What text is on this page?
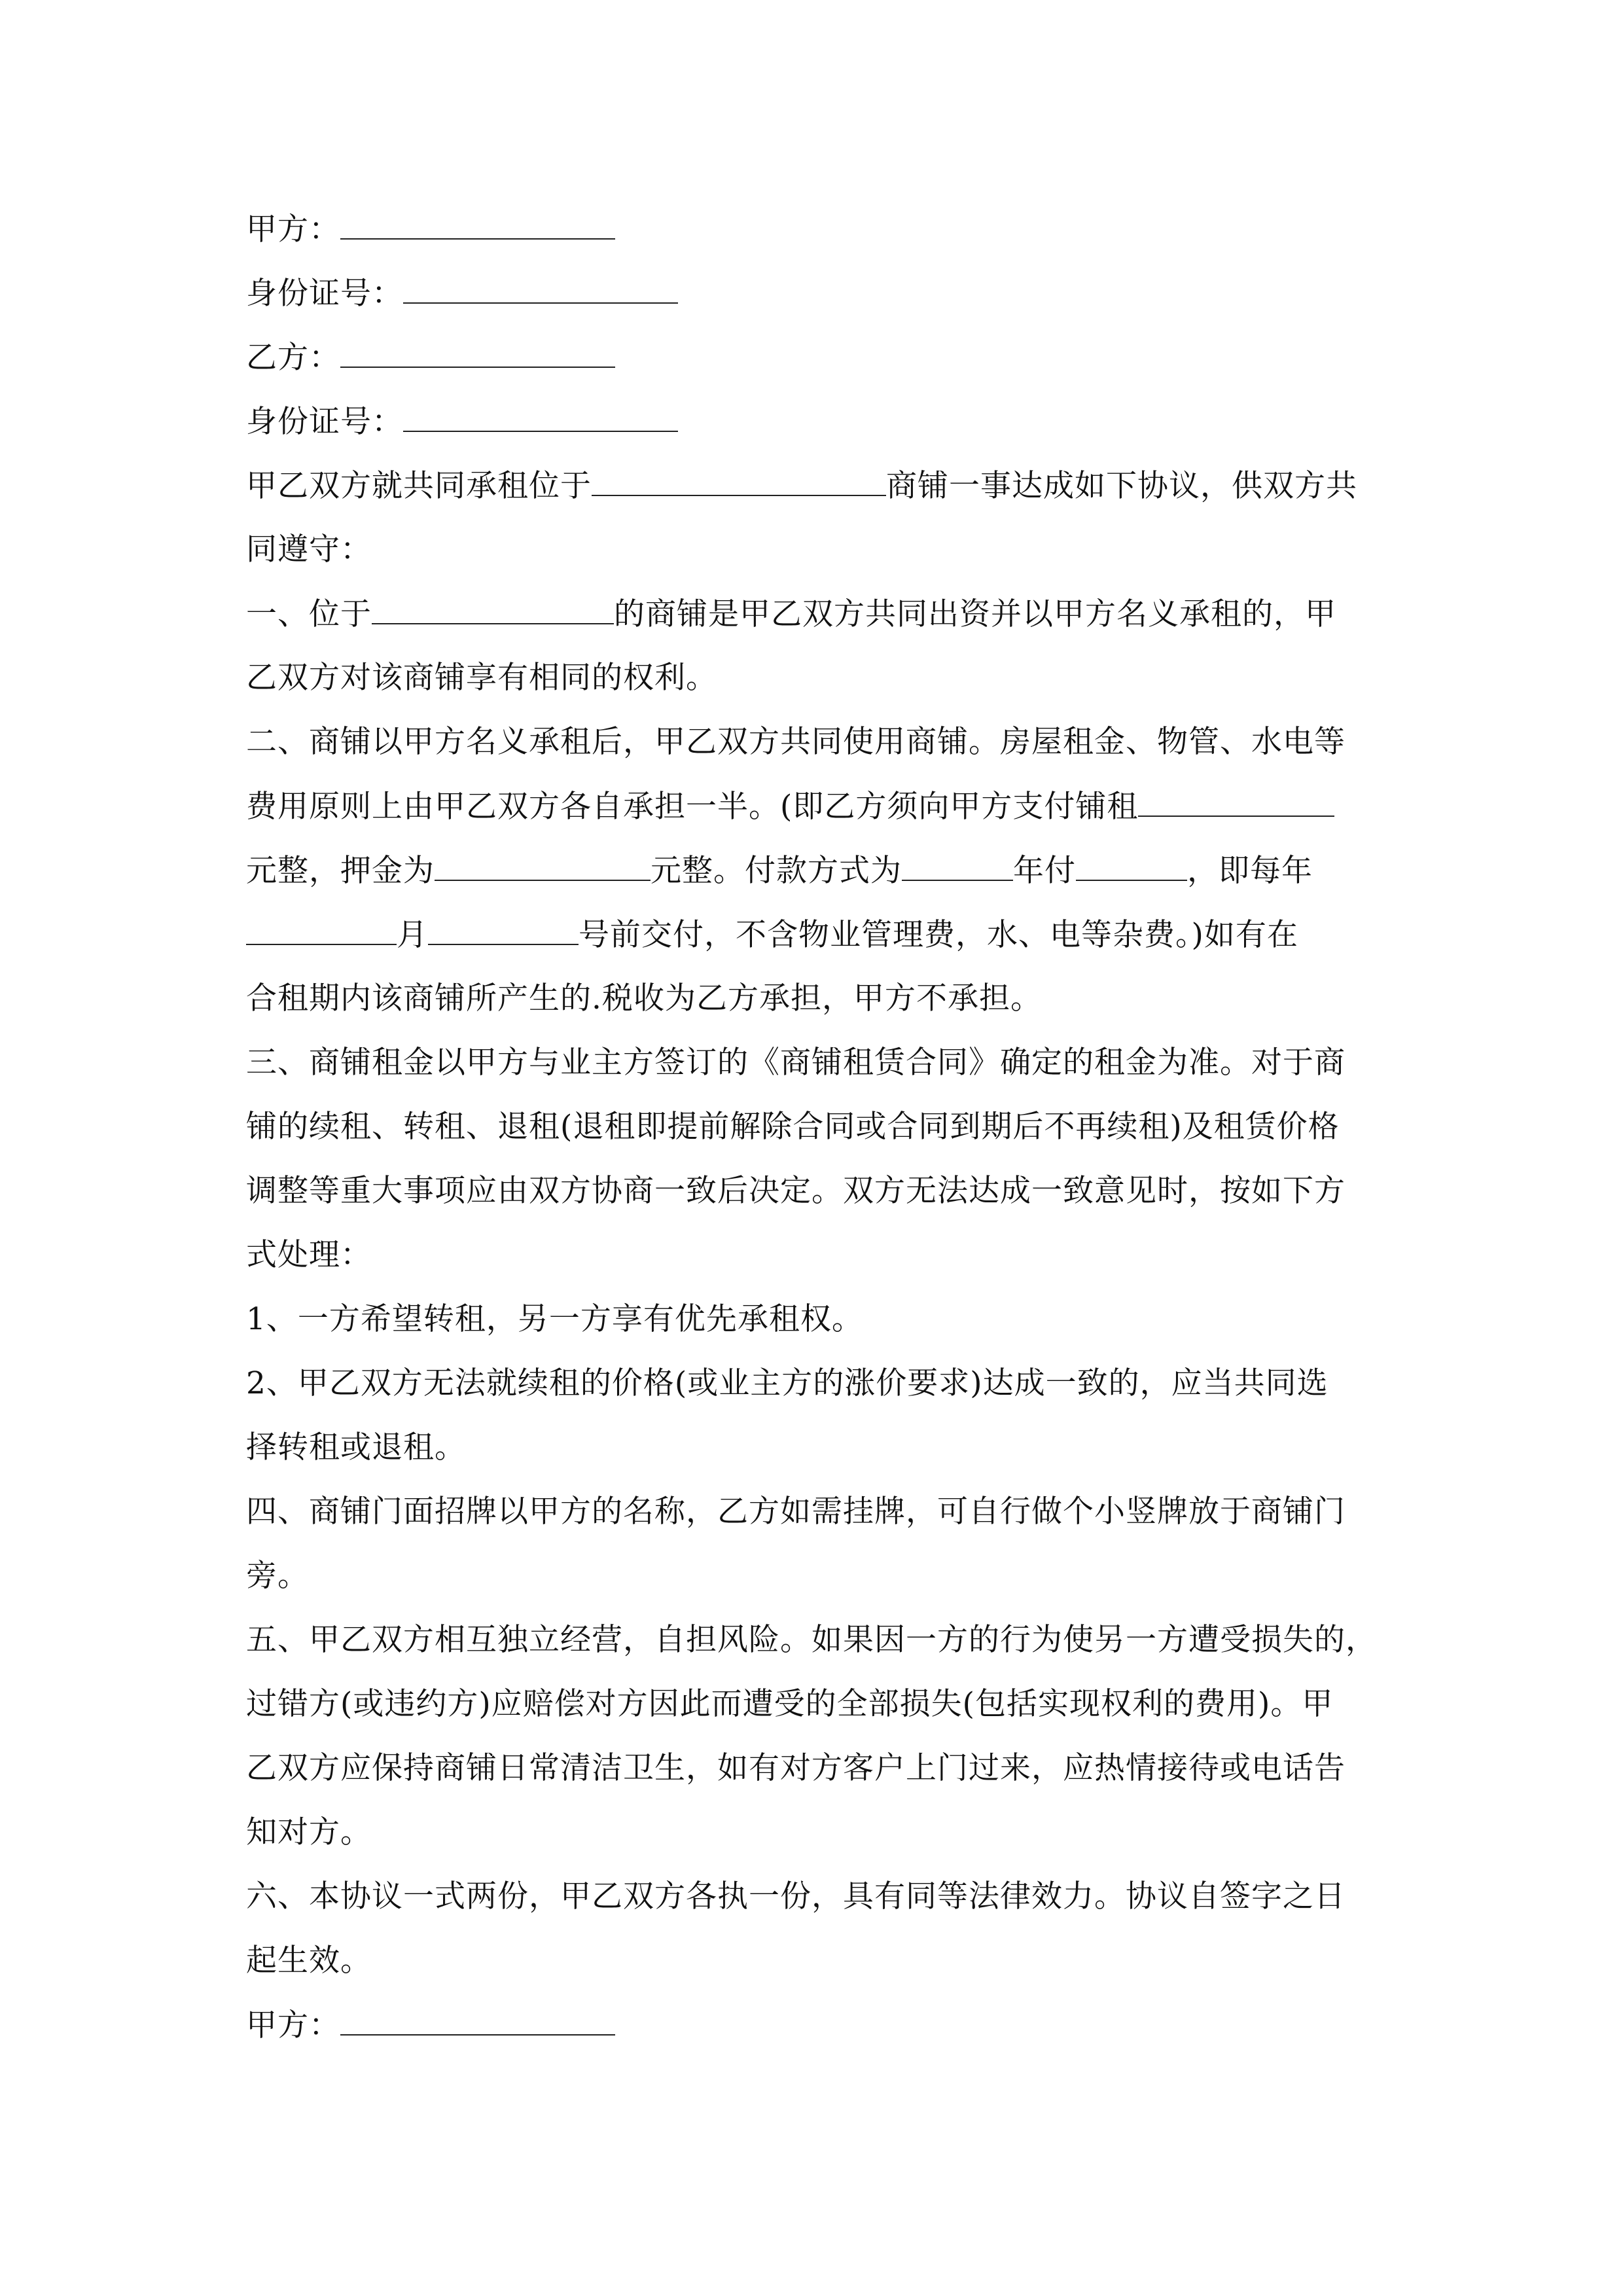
甲方：
身份证号：
乙方：
身份证号：
甲乙双方就共同承租位于	商铺一事达成如下协议，供双方共
同遵守：
一、位于	的商铺是甲乙双方共同出资并以甲方名义承租的，甲
乙双方对该商铺享有相同的权利。
二、商铺以甲方名义承租后，甲乙双方共同使用商铺。房屋租金、物管、水电等
费用原则上由甲乙双方各自承担一半。(即乙方须向甲方支付铺租
元整，押金为	元整。付款方式为	年付	，即每年
月	号前交付，不含物业管理费，水、电等杂费。)如有在
合租期内该商铺所产生的.税收为乙方承担，甲方不承担。
三、商铺租金以甲方与业主方签订的《商铺租赁合同》确定的租金为准。对于商
铺的续租、转租、退租(退租即提前解除合同或合同到期后不再续租)及租赁价格
调整等重大事项应由双方协商一致后决定。双方无法达成一致意见时，按如下方
式处理：
1、一方希望转租，另一方享有优先承租权。
2、甲乙双方无法就续租的价格(或业主方的涨价要求)达成一致的，应当共同选
择转租或退租。
四、商铺门面招牌以甲方的名称，乙方如需挂牌，可自行做个小竖牌放于商铺门
旁。
五、甲乙双方相互独立经营，自担风险。如果因一方的行为使另一方遭受损失的，
过错方(或违约方)应赔偿对方因此而遭受的全部损失(包括实现权利的费用)。甲
乙双方应保持商铺日常清洁卫生，如有对方客户上门过来，应热情接待或电话告
知对方。
六、本协议一式两份，甲乙双方各执一份，具有同等法律效力。协议自签字之日
起生效。
甲方：
